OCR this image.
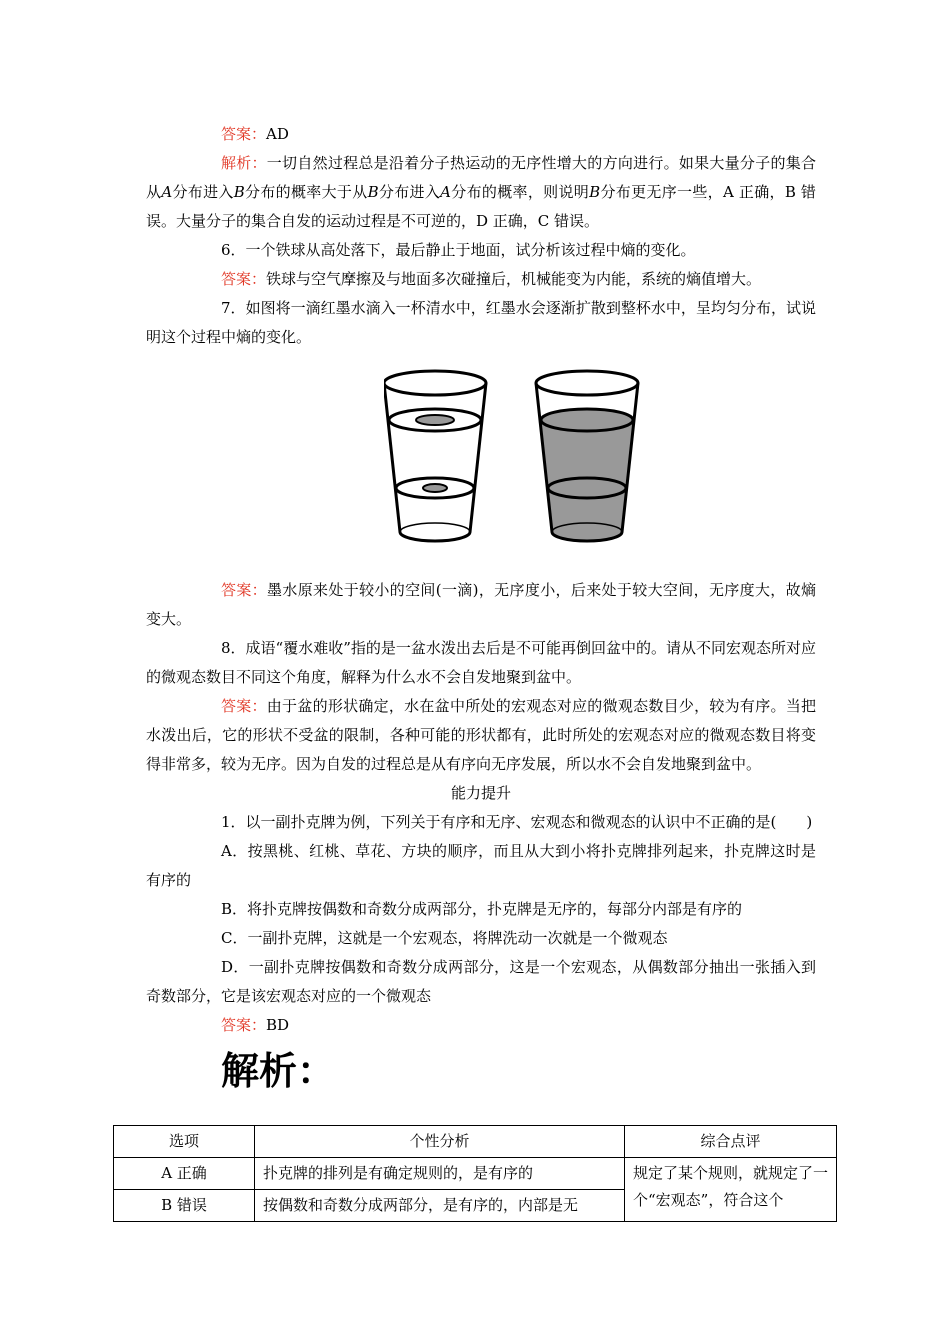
答案：AD

解析：一切自然过程总是沿着分子热运动的无序性增大的方向进行。如果大量分子的集合从A分布进入B分布的概率大于从B分布进入A分布的概率，则说明B分布更无序一些，A 正确，B 错误。大量分子的集合自发的运动过程是不可逆的，D 正确，C 错误。

6．一个铁球从高处落下，最后静止于地面，试分析该过程中熵的变化。

答案：铁球与空气摩擦及与地面多次碰撞后，机械能变为内能，系统的熵值增大。

7．如图将一滴红墨水滴入一杯清水中，红墨水会逐渐扩散到整杯水中，呈均匀分布，试说明这个过程中熵的变化。

答案：墨水原来处于较小的空间(一滴)，无序度小，后来处于较大空间，无序度大，故熵变大。

8．成语“覆水难收”指的是一盆水泼出去后是不可能再倒回盆中的。请从不同宏观态所对应的微观态数目不同这个角度，解释为什么水不会自发地聚到盆中。

答案：由于盆的形状确定，水在盆中所处的宏观态对应的微观态数目少，较为有序。当把水泼出后，它的形状不受盆的限制，各种可能的形状都有，此时所处的宏观态对应的微观态数目将变得非常多，较为无序。因为自发的过程总是从有序向无序发展，所以水不会自发地聚到盆中。

能力提升

1．以一副扑克牌为例，下列关于有序和无序、宏观态和微观态的认识中不正确的是(　　)

A．按黑桃、红桃、草花、方块的顺序，而且从大到小将扑克牌排列起来，扑克牌这时是有序的

B．将扑克牌按偶数和奇数分成两部分，扑克牌是无序的，每部分内部是有序的

C．一副扑克牌，这就是一个宏观态，将牌洗动一次就是一个微观态

D．一副扑克牌按偶数和奇数分成两部分，这是一个宏观态，从偶数部分抽出一张插入到奇数部分，它是该宏观态对应的一个微观态

答案：BD

解析：
选项	个性分析	综合点评
A 正确	扑克牌的排列是有确定规则的，是有序的	规定了某个规则，就规定了一个“宏观态”，符合这个
B 错误	按偶数和奇数分成两部分，是有序的，内部是无	
